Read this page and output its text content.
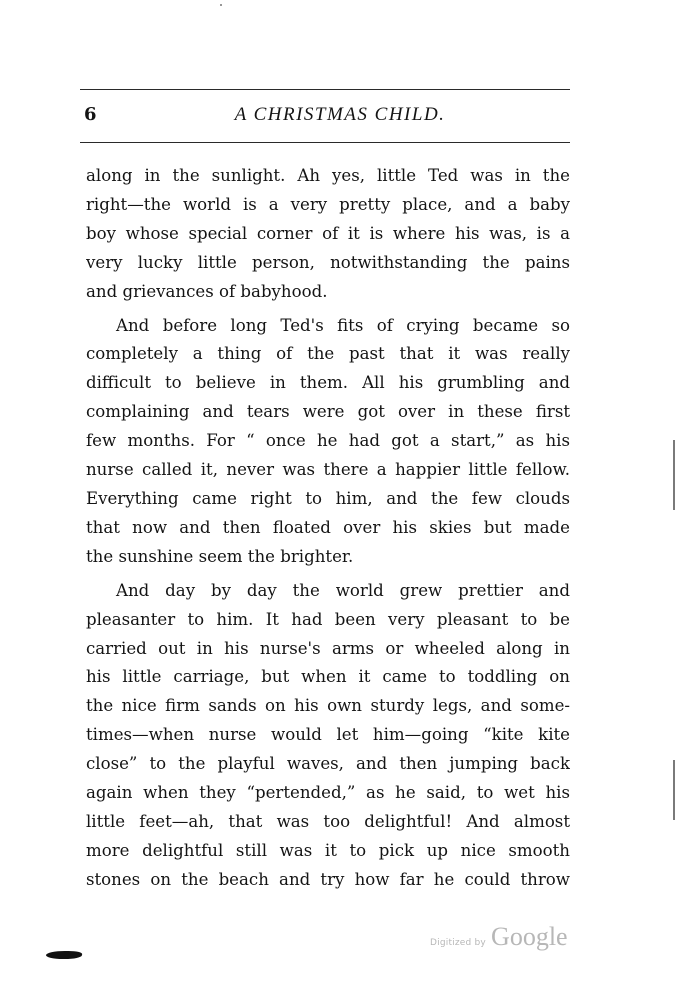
6	A CHRISTMAS CHILD.
along in the sunlight. Ah yes, little Ted was in the
right—the world is a very pretty place, and a baby
boy whose special corner of it is where his was, is a
very lucky little person, notwithstanding the pains
and grievances of babyhood.
And before long Ted's fits of crying became so
completely a thing of the past that it was really
difficult to believe in them. All his grumbling and
complaining and tears were got over in these first
few months. For “ once he had got a start,” as his
nurse called it, never was there a happier little fellow.
Everything came right to him, and the few clouds
that now and then floated over his skies but made
the sunshine seem the brighter.
And day by day the world grew prettier and
pleasanter to him. It had been very pleasant to be
carried out in his nurse's arms or wheeled along in
his little carriage, but when it came to toddling on
the nice firm sands on his own sturdy legs, and some-
times—when nurse would let him—going “kite kite
close” to the playful waves, and then jumping back
again when they “pertended,” as he said, to wet his
little feet—ah, that was too delightful! And almost
more delightful still was it to pick up nice smooth
stones on the beach and try how far he could throw
Digitized by Google
